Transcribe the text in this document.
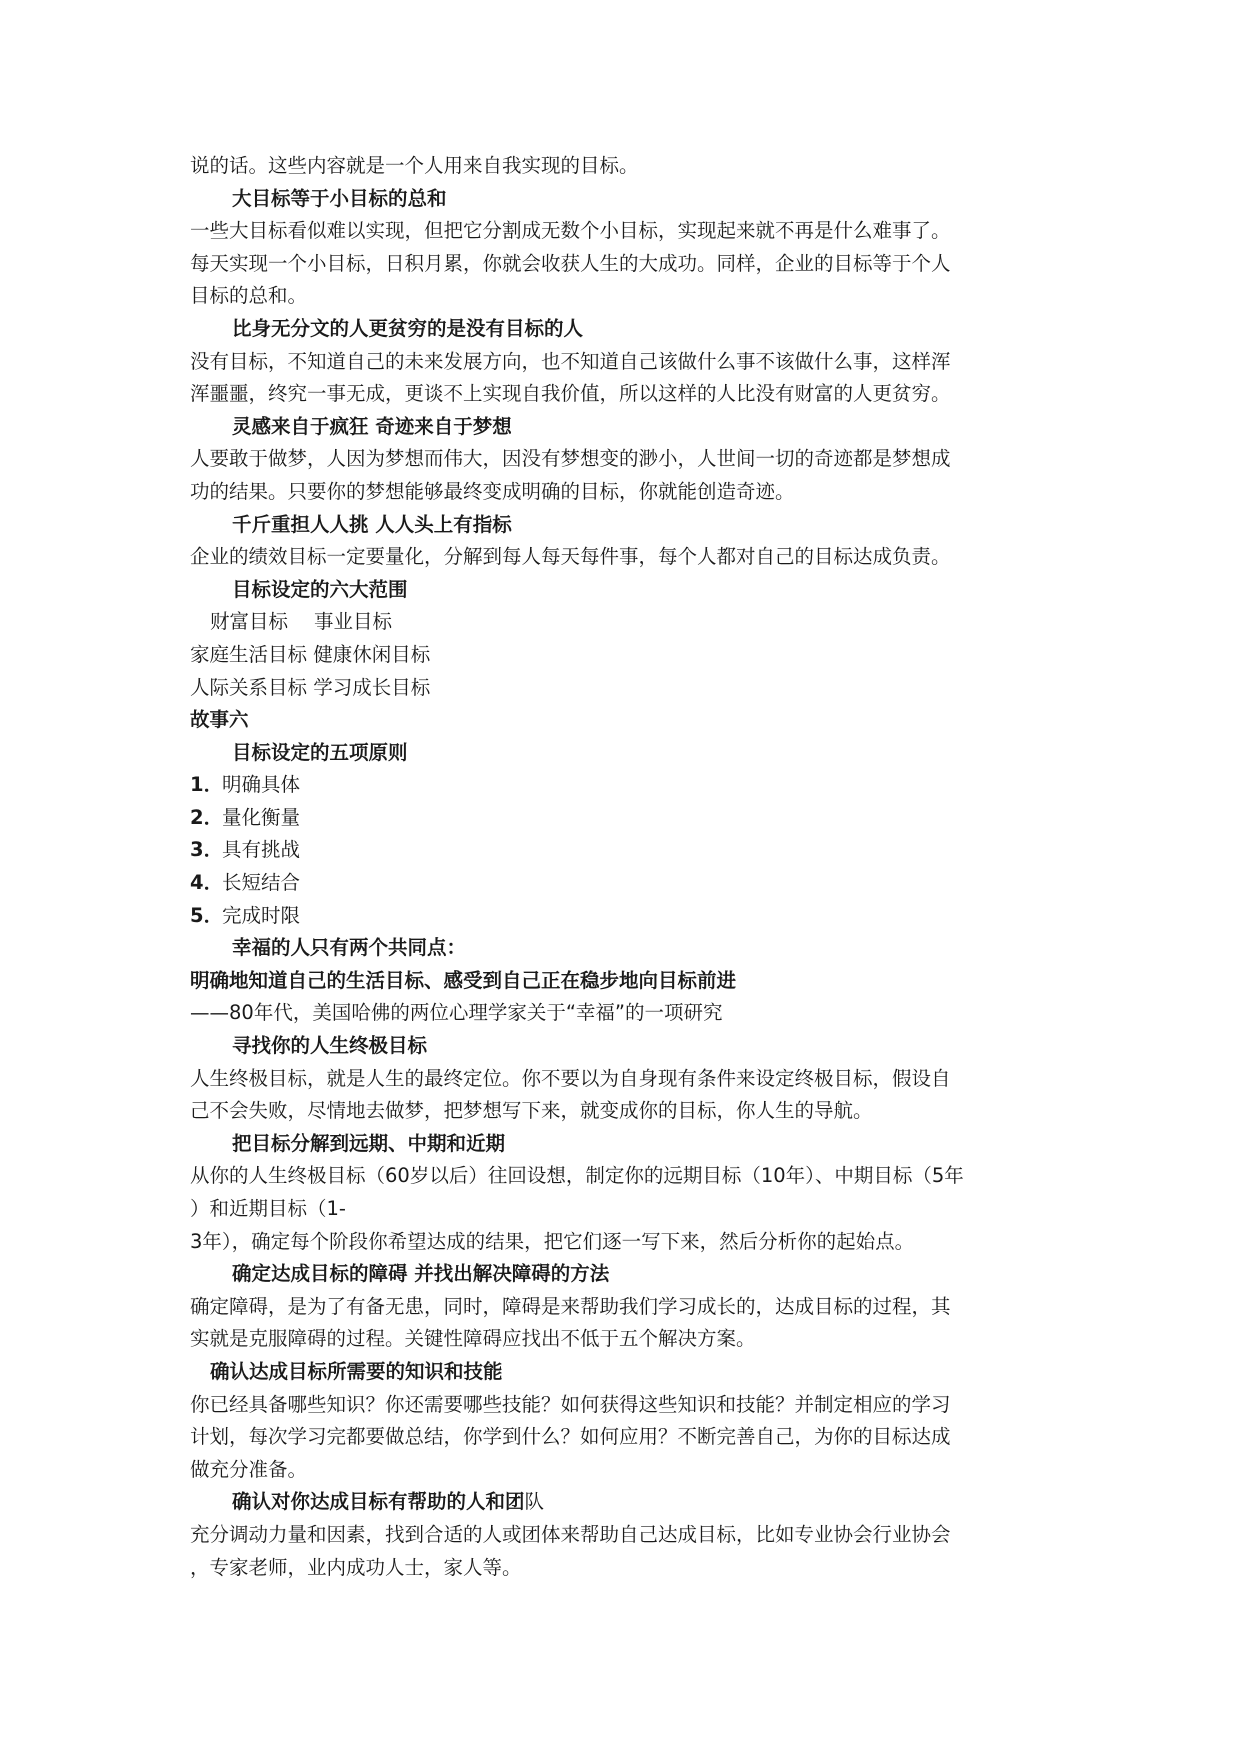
说的话。这些内容就是一个人用来自我实现的目标。
大目标等于小目标的总和
一些大目标看似难以实现，但把它分割成无数个小目标，实现起来就不再是什么难事了。
每天实现一个小目标，日积月累，你就会收获人生的大成功。同样，企业的目标等于个人
目标的总和。
比身无分文的人更贫穷的是没有目标的人
没有目标，不知道自己的未来发展方向，也不知道自己该做什么事不该做什么事，这样浑
浑噩噩，终究一事无成，更谈不上实现自我价值，所以这样的人比没有财富的人更贫穷。
灵感来自于疯狂 奇迹来自于梦想
人要敢于做梦，人因为梦想而伟大，因没有梦想变的渺小，人世间一切的奇迹都是梦想成
功的结果。只要你的梦想能够最终变成明确的目标，你就能创造奇迹。
千斤重担人人挑 人人头上有指标
企业的绩效目标一定要量化，分解到每人每天每件事，每个人都对自己的目标达成负责。
目标设定的六大范围
财富目标 事业目标
家庭生活目标 健康休闲目标
人际关系目标 学习成长目标
故事六
目标设定的五项原则
1．明确具体
2．量化衡量
3．具有挑战
4．长短结合
5．完成时限
幸福的人只有两个共同点：
明确地知道自己的生活目标、感受到自己正在稳步地向目标前进
——80年代，美国哈佛的两位心理学家关于“幸福”的一项研究
寻找你的人生终极目标
人生终极目标，就是人生的最终定位。你不要以为自身现有条件来设定终极目标，假设自
己不会失败，尽情地去做梦，把梦想写下来，就变成你的目标，你人生的导航。
把目标分解到远期、中期和近期
从你的人生终极目标（60岁以后）往回设想，制定你的远期目标（10年）、中期目标（5年
）和近期目标（1-
3年），确定每个阶段你希望达成的结果，把它们逐一写下来，然后分析你的起始点。
确定达成目标的障碍 并找出解决障碍的方法
确定障碍，是为了有备无患，同时，障碍是来帮助我们学习成长的，达成目标的过程，其
实就是克服障碍的过程。关键性障碍应找出不低于五个解决方案。
确认达成目标所需要的知识和技能
你已经具备哪些知识？你还需要哪些技能？如何获得这些知识和技能？并制定相应的学习
计划，每次学习完都要做总结，你学到什么？如何应用？不断完善自己，为你的目标达成
做充分准备。
确认对你达成目标有帮助的人和团队
充分调动力量和因素，找到合适的人或团体来帮助自己达成目标，比如专业协会行业协会
，专家老师，业内成功人士，家人等。
